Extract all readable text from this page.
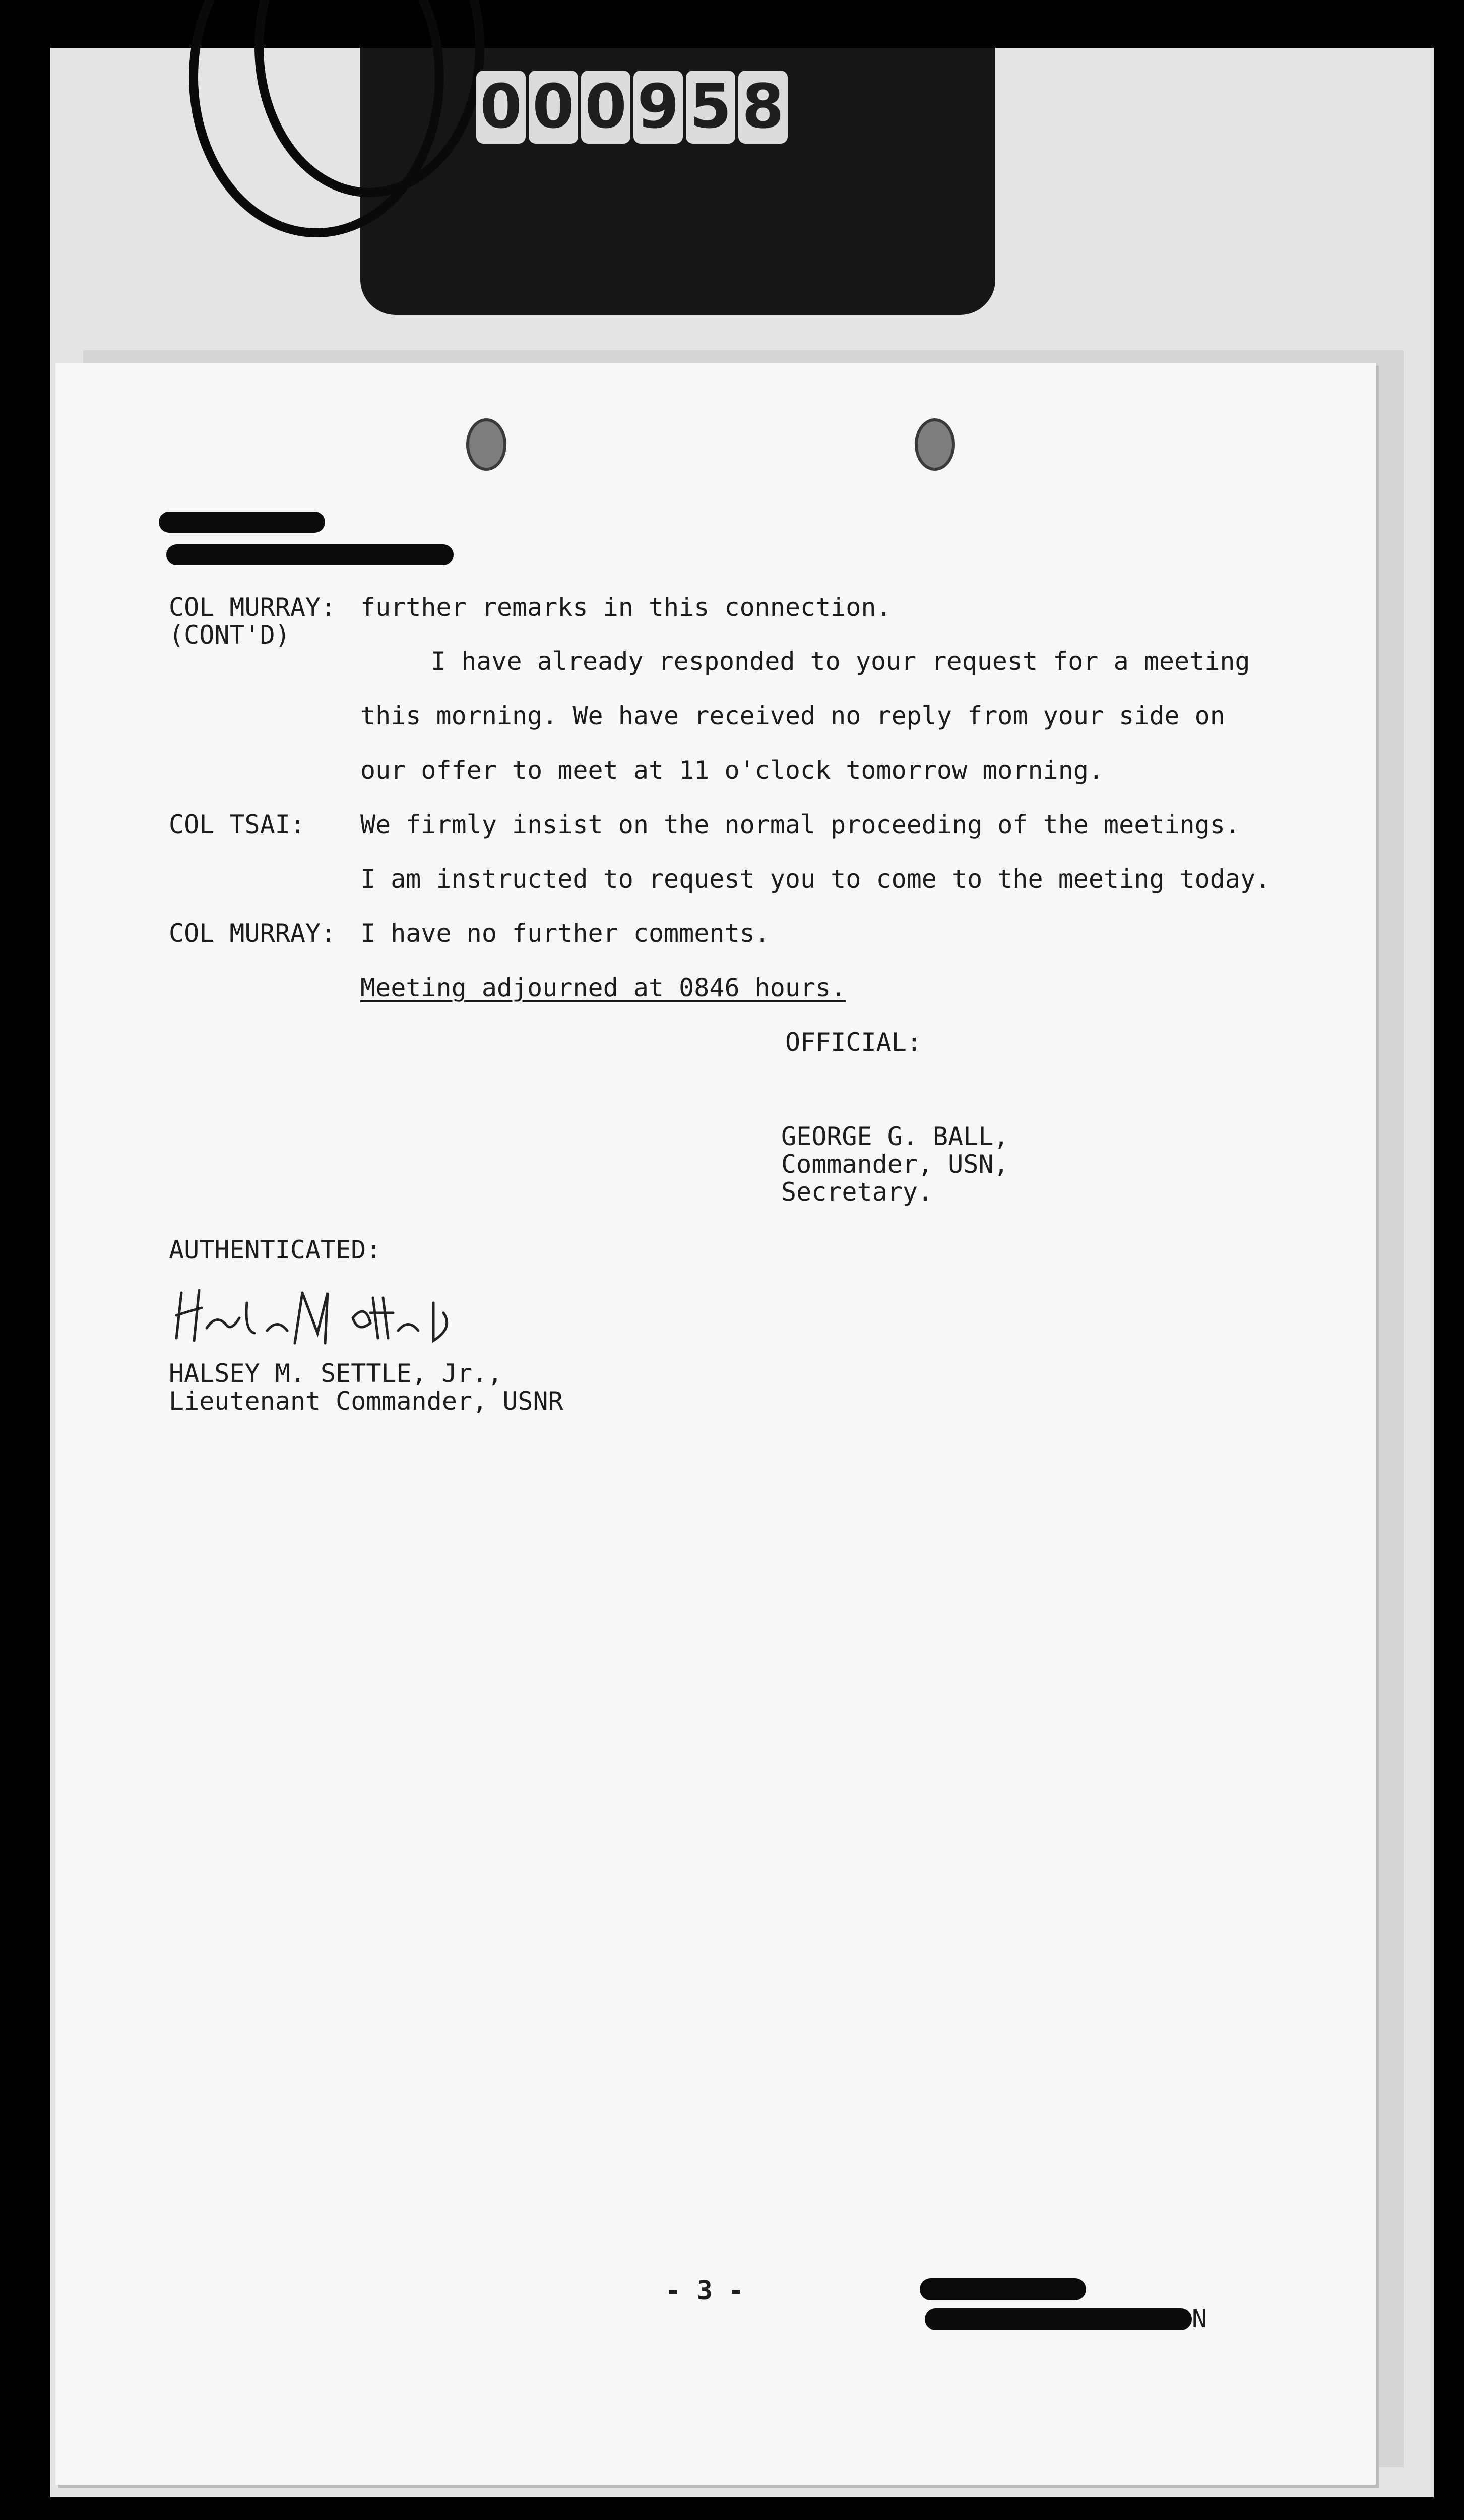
0 0 0 9 5 8
COL MURRAY: further remarks in this connection.
(CONT'D)
I have already responded to your request for a meeting
this morning. We have received no reply from your side on
our offer to meet at 11 o'clock tomorrow morning.
COL TSAI: We firmly insist on the normal proceeding of the meetings.
I am instructed to request you to come to the meeting today.
COL MURRAY: I have no further comments.
Meeting adjourned at 0846 hours.
OFFICIAL:
GEORGE G. BALL,
Commander, USN,
Secretary.
AUTHENTICATED:
HALSEY M. SETTLE, Jr.,
Lieutenant Commander, USNR
- 3 -
N
